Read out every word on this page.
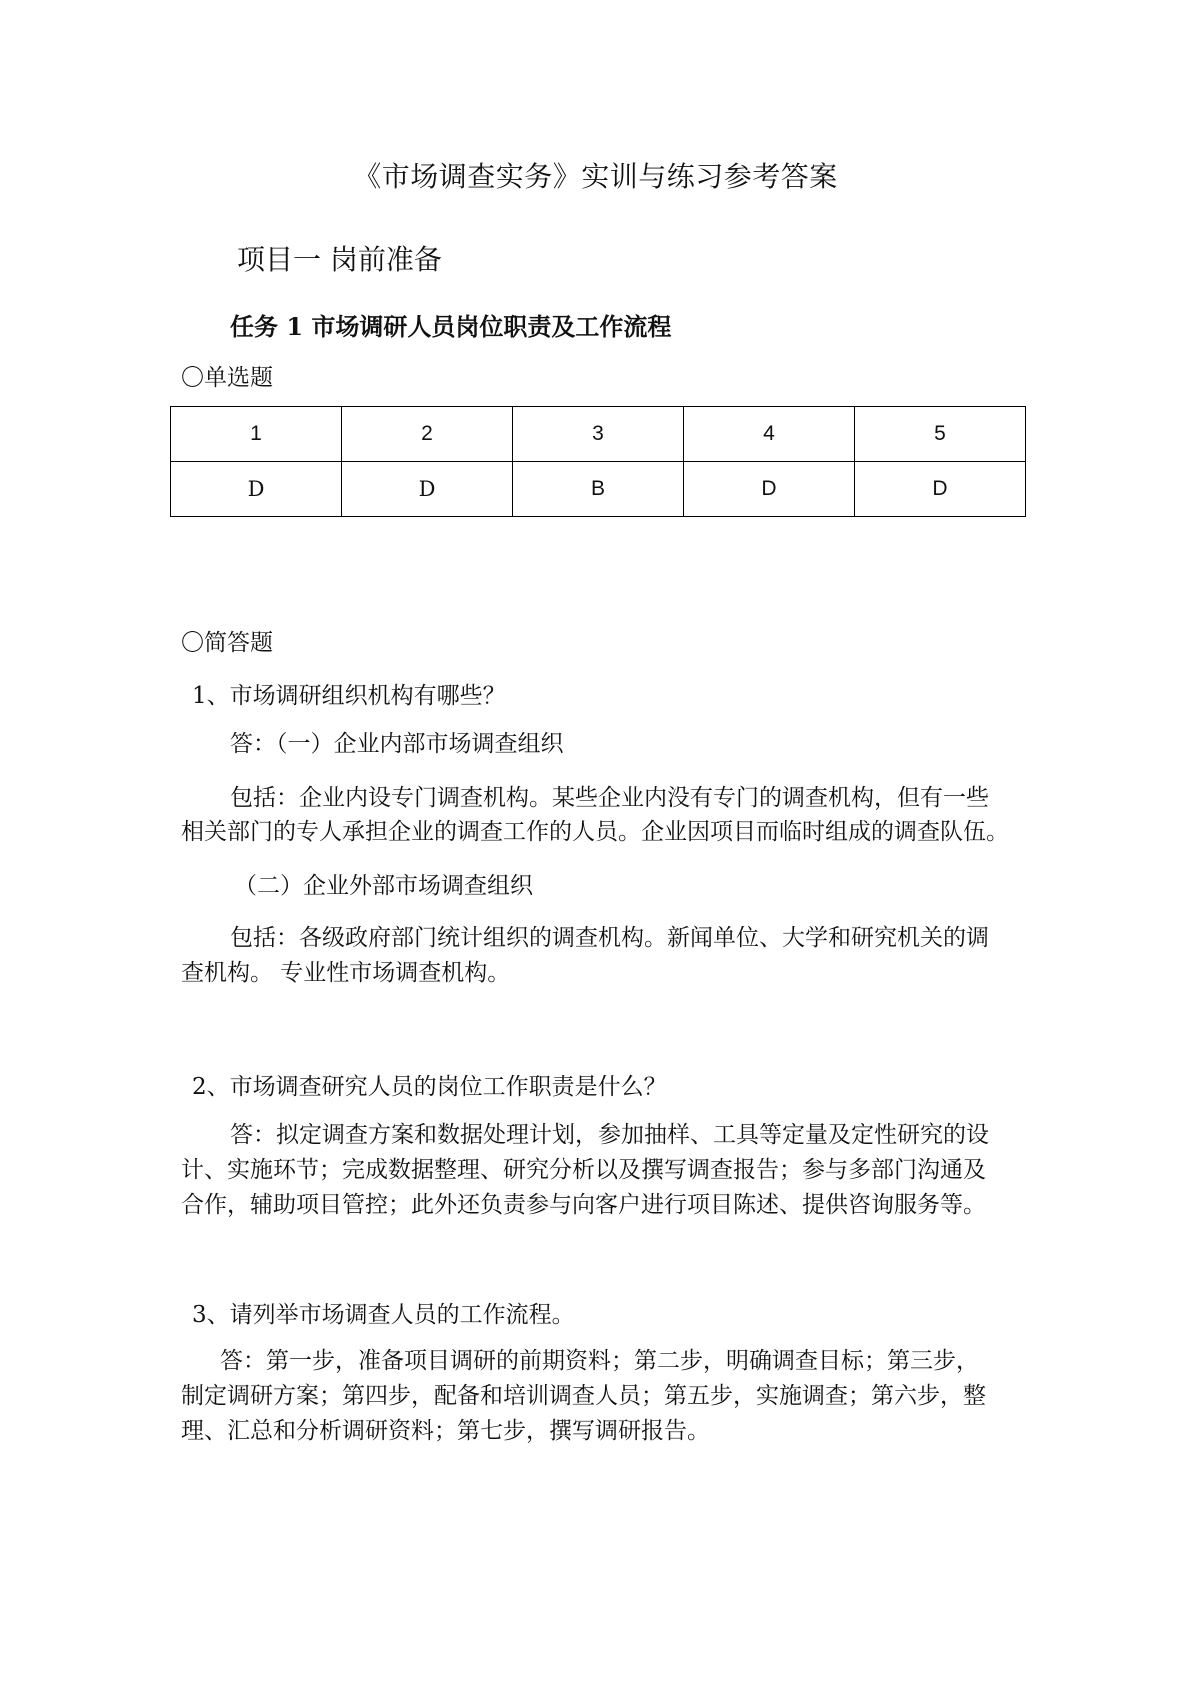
《市场调查实务》实训与练习参考答案
项目一 岗前准备
任务 1 市场调研人员岗位职责及工作流程
〇单选题
1	2	3	4	5
D	D	B	D	D
〇简答题
1、市场调研组织机构有哪些？
答：（一）企业内部市场调查组织
包括：企业内设专门调查机构。某些企业内没有专门的调查机构，但有一些
相关部门的专人承担企业的调查工作的人员。企业因项目而临时组成的调查队伍。
（二）企业外部市场调查组织
包括：各级政府部门统计组织的调查机构。新闻单位、大学和研究机关的调
查机构。 专业性市场调查机构。
2、市场调查研究人员的岗位工作职责是什么？
答：拟定调查方案和数据处理计划，参加抽样、工具等定量及定性研究的设
计、实施环节；完成数据整理、研究分析以及撰写调查报告；参与多部门沟通及
合作，辅助项目管控；此外还负责参与向客户进行项目陈述、提供咨询服务等。
3、请列举市场调查人员的工作流程。
答：第一步，准备项目调研的前期资料；第二步，明确调查目标；第三步，
制定调研方案；第四步，配备和培训调查人员；第五步，实施调查；第六步，整
理、汇总和分析调研资料；第七步，撰写调研报告。
